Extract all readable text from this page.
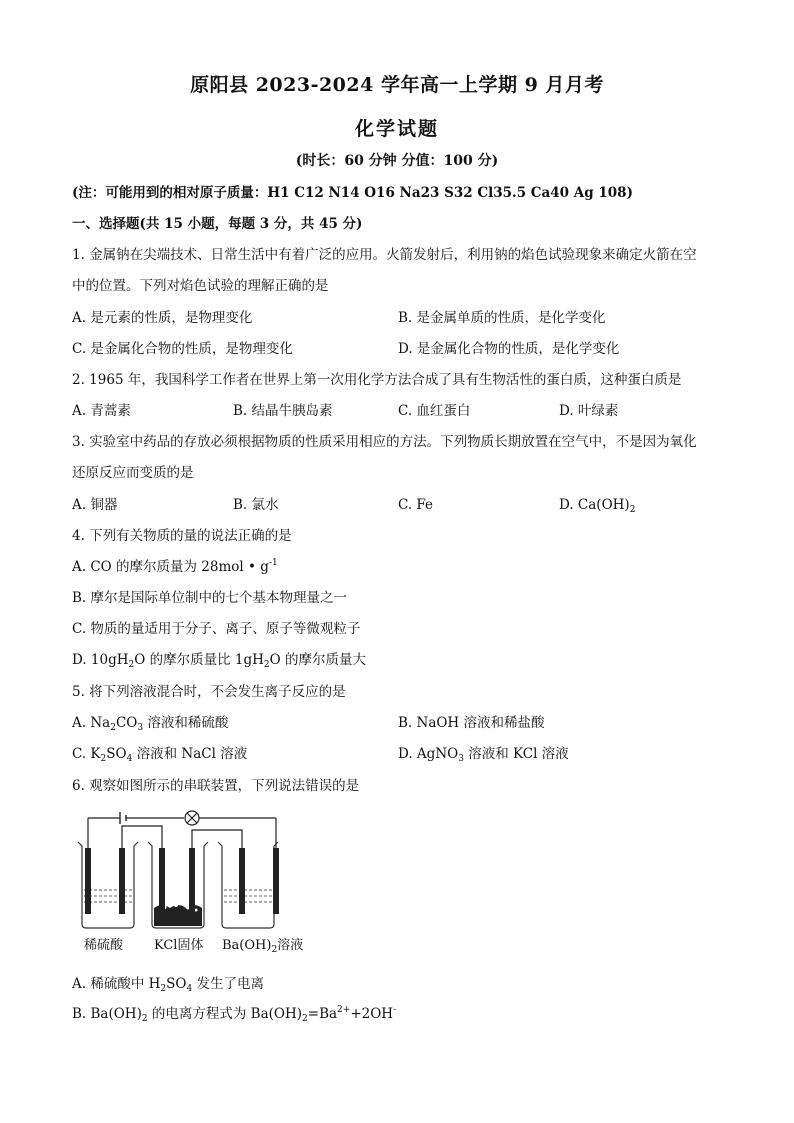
原阳县 2023-2024 学年高一上学期 9 月月考
化学试题
(时长：60 分钟 分值：100 分)
(注：可能用到的相对原子质量：H1 C12 N14 O16 Na23 S32 Cl35.5 Ca40 Ag 108)
一、选择题(共 15 小题，每题 3 分，共 45 分)
1. 金属钠在尖端技术、日常生活中有着广泛的应用。火箭发射后，利用钠的焰色试验现象来确定火箭在空
中的位置。下列对焰色试验的理解正确的是
A. 是元素的性质，是物理变化	B. 是金属单质的性质，是化学变化
C. 是金属化合物的性质，是物理变化	D. 是金属化合物的性质，是化学变化
2. 1965 年，我国科学工作者在世界上第一次用化学方法合成了具有生物活性的蛋白质，这种蛋白质是
A. 青蒿素	B. 结晶牛胰岛素	C. 血红蛋白	D. 叶绿素
3. 实验室中药品的存放必须根据物质的性质采用相应的方法。下列物质长期放置在空气中，不是因为氧化
还原反应而变质的是
A. 铜器	B. 氯水	C. Fe	D. $Ca(OH)_2$
4. 下列有关物质的量的说法正确的是
A. CO 的摩尔质量为 28mol • $g^{-1}$
B. 摩尔是国际单位制中的七个基本物理量之一
C. 物质的量适用于分子、离子、原子等微观粒子
D. $10gH_2O$ 的摩尔质量比 $1gH_2O$ 的摩尔质量大
5. 将下列溶液混合时，不会发生离子反应的是
A. $Na_2CO_3$ 溶液和稀硫酸	B. NaOH 溶液和稀盐酸
C. $K_2SO_4$ 溶液和 NaCl 溶液	D. AgNO$_3$ 溶液和 KCl 溶液
6. 观察如图所示的串联装置，下列说法错误的是
稀硫酸 KCl固体 $Ba(OH)_2$溶液
A. 稀硫酸中 $H_2SO_4$ 发生了电离
B. $Ba(OH)_2$ 的电离方程式为 $Ba(OH)_2=Ba^{2+}+2OH^-$
